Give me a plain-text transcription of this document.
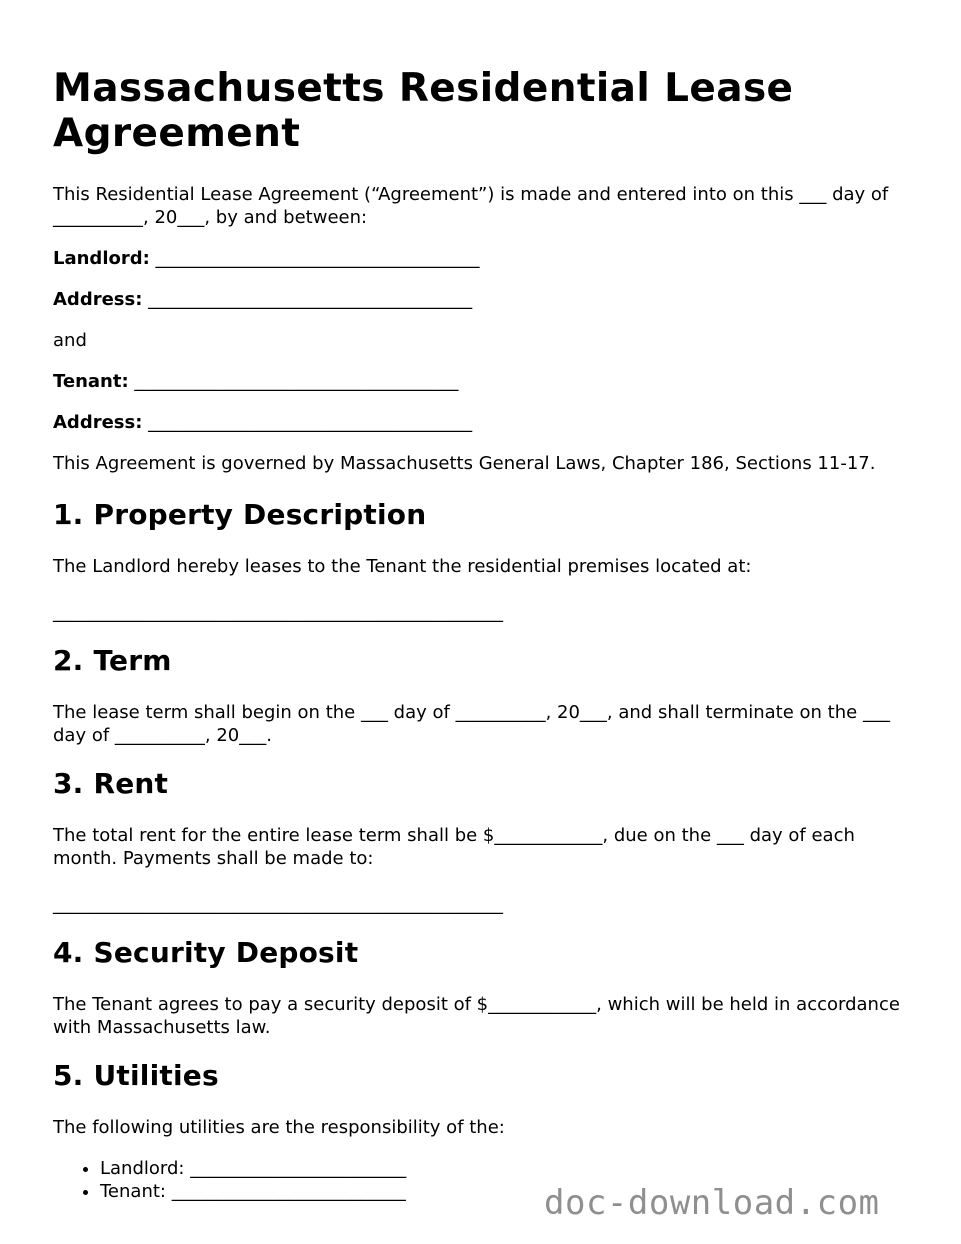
Massachusetts Residential Lease Agreement

This Residential Lease Agreement (“Agreement”) is made and entered into on this ___ day of __________, 20___, by and between:

Landlord: ____________________________________

Address: ____________________________________

and

Tenant: ____________________________________

Address: ____________________________________

This Agreement is governed by Massachusetts General Laws, Chapter 186, Sections 11-17.

1. Property Description

The Landlord hereby leases to the Tenant the residential premises located at:

__________________________________________________

2. Term

The lease term shall begin on the ___ day of __________, 20___, and shall terminate on the ___ day of __________, 20___.

3. Rent

The total rent for the entire lease term shall be $____________, due on the ___ day of each month. Payments shall be made to:

__________________________________________________

4. Security Deposit

The Tenant agrees to pay a security deposit of $____________, which will be held in accordance with Massachusetts law.

5. Utilities

The following utilities are the responsibility of the:

• Landlord: ________________________
• Tenant: __________________________	doc-download.com
